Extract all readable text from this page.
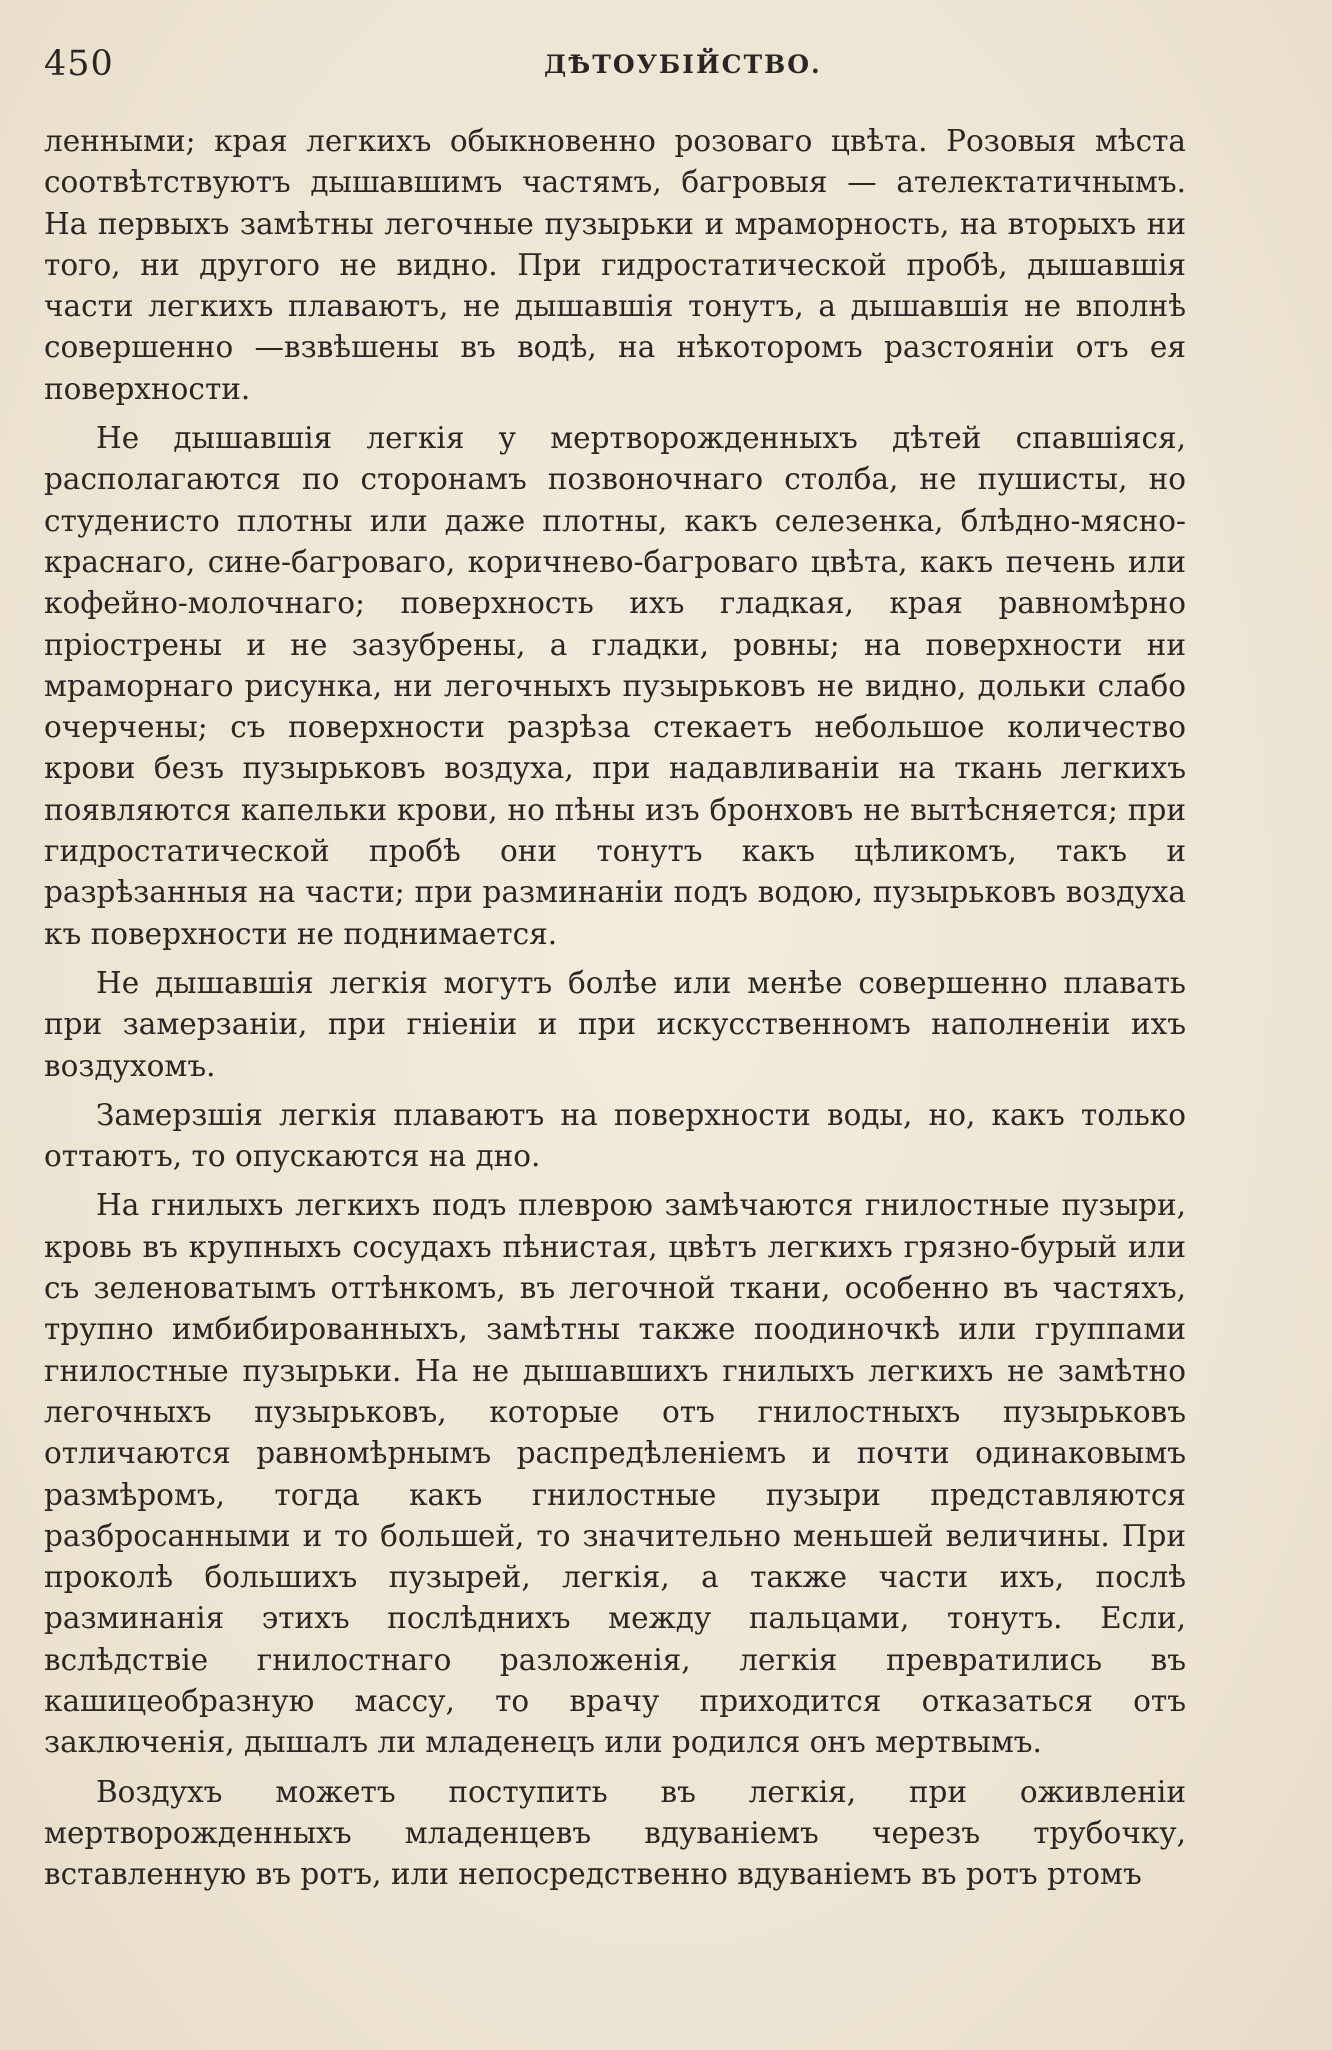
450	ДѢТОУБІЙСТВО.

ленными; края легкихъ обыкновенно розоваго цвѣта. Розовыя мѣста соотвѣтствуютъ дышавшимъ частямъ, багровыя — ателектатичнымъ. На первыхъ замѣтны легочные пузырьки и мраморность, на вторыхъ ни того, ни другого не видно. При гидростатической пробѣ, дышавшія части легкихъ плаваютъ, не дышавшія тонутъ, а дышавшія не вполнѣ совершенно —взвѣшены въ водѣ, на нѣкоторомъ разстояніи отъ ея поверхности.

Не дышавшія легкія у мертворожденныхъ дѣтей спавшіяся, располагаются по сторонамъ позвоночнаго столба, не пушисты, но студенисто плотны или даже плотны, какъ селезенка, блѣдно-мясно-краснаго, сине-багроваго, коричнево-багроваго цвѣта, какъ печень или кофейно-молочнаго; поверхность ихъ гладкая, края равномѣрно пріострены и не зазубрены, а гладки, ровны; на поверхности ни мраморнаго рисунка, ни легочныхъ пузырьковъ не видно, дольки слабо очерчены; съ поверхности разрѣза стекаетъ небольшое количество крови безъ пузырьковъ воздуха, при надавливаніи на ткань легкихъ появляются капельки крови, но пѣны изъ бронховъ не вытѣсняется; при гидростатической пробѣ они тонутъ какъ цѣликомъ, такъ и разрѣзанныя на части; при разминаніи подъ водою, пузырьковъ воздуха къ поверхности не поднимается.

Не дышавшія легкія могутъ болѣе или менѣе совершенно плавать при замерзаніи, при гніеніи и при искусственномъ наполненіи ихъ воздухомъ.

Замерзшія легкія плаваютъ на поверхности воды, но, какъ только оттаютъ, то опускаются на дно.

На гнилыхъ легкихъ подъ плеврою замѣчаются гнилостные пузыри, кровь въ крупныхъ сосудахъ пѣнистая, цвѣтъ легкихъ грязно-бурый или съ зеленоватымъ оттѣнкомъ, въ легочной ткани, особенно въ частяхъ, трупно имбибированныхъ, замѣтны также поодиночкѣ или группами гнилостные пузырьки. На не дышавшихъ гнилыхъ легкихъ не замѣтно легочныхъ пузырьковъ, которые отъ гнилостныхъ пузырьковъ отличаются равномѣрнымъ распредѣленіемъ и почти одинаковымъ размѣромъ, тогда какъ гнилостные пузыри представляются разбросанными и то большей, то значительно меньшей величины. При проколѣ большихъ пузырей, легкія, а также части ихъ, послѣ разминанія этихъ послѣднихъ между пальцами, тонутъ. Если, вслѣдствіе гнилостнаго разложенія, легкія превратились въ кашицеобразную массу, то врачу приходится отказаться отъ заключенія, дышалъ ли младенецъ или родился онъ мертвымъ.

Воздухъ можетъ поступить въ легкія, при оживленіи мертворожденныхъ младенцевъ вдуваніемъ черезъ трубочку, вставленную въ ротъ, или непосредственно вдуваніемъ въ ротъ ртомъ
